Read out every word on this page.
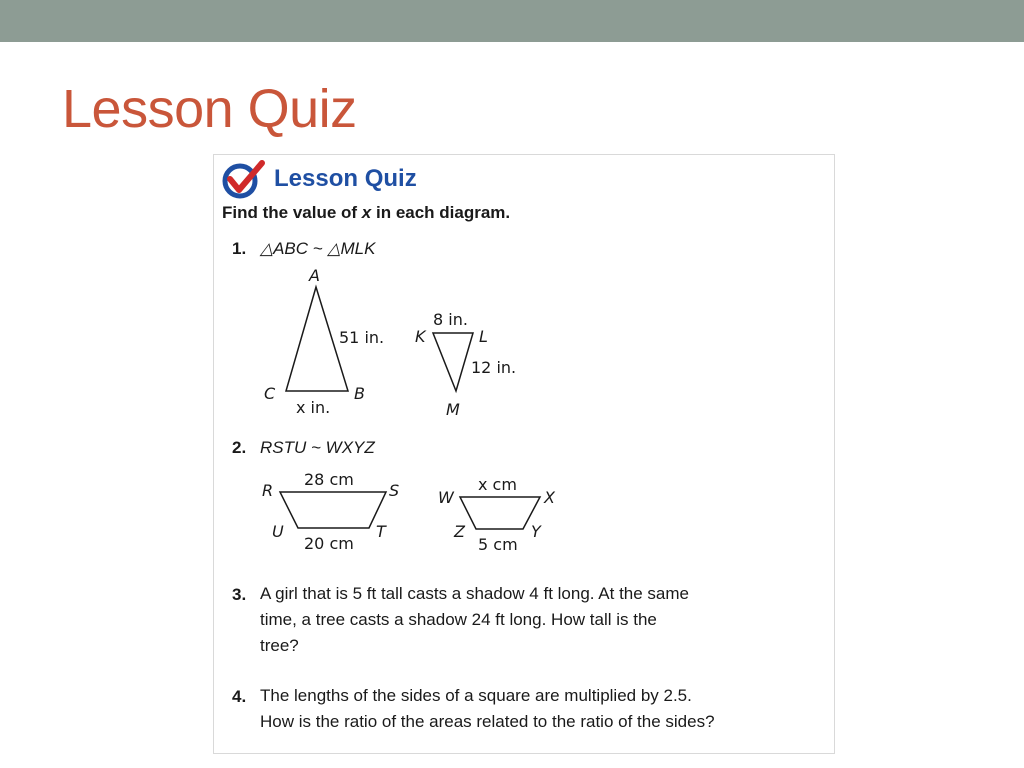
Lesson Quiz
Lesson Quiz
Find the value of x in each diagram.
1. △ABC ~ △MLK
A
C	B
51 in.
x in.
K	L
M
8 in.
12 in.
2. RSTU ~ WXYZ
R	S
T
U
28 cm
20 cm
W	X
Y
Z
x cm
5 cm
3. A girl that is 5 ft tall casts a shadow 4 ft long. At the same
time, a tree casts a shadow 24 ft long. How tall is the
tree?
4. The lengths of the sides of a square are multiplied by 2.5.
How is the ratio of the areas related to the ratio of the sides?
